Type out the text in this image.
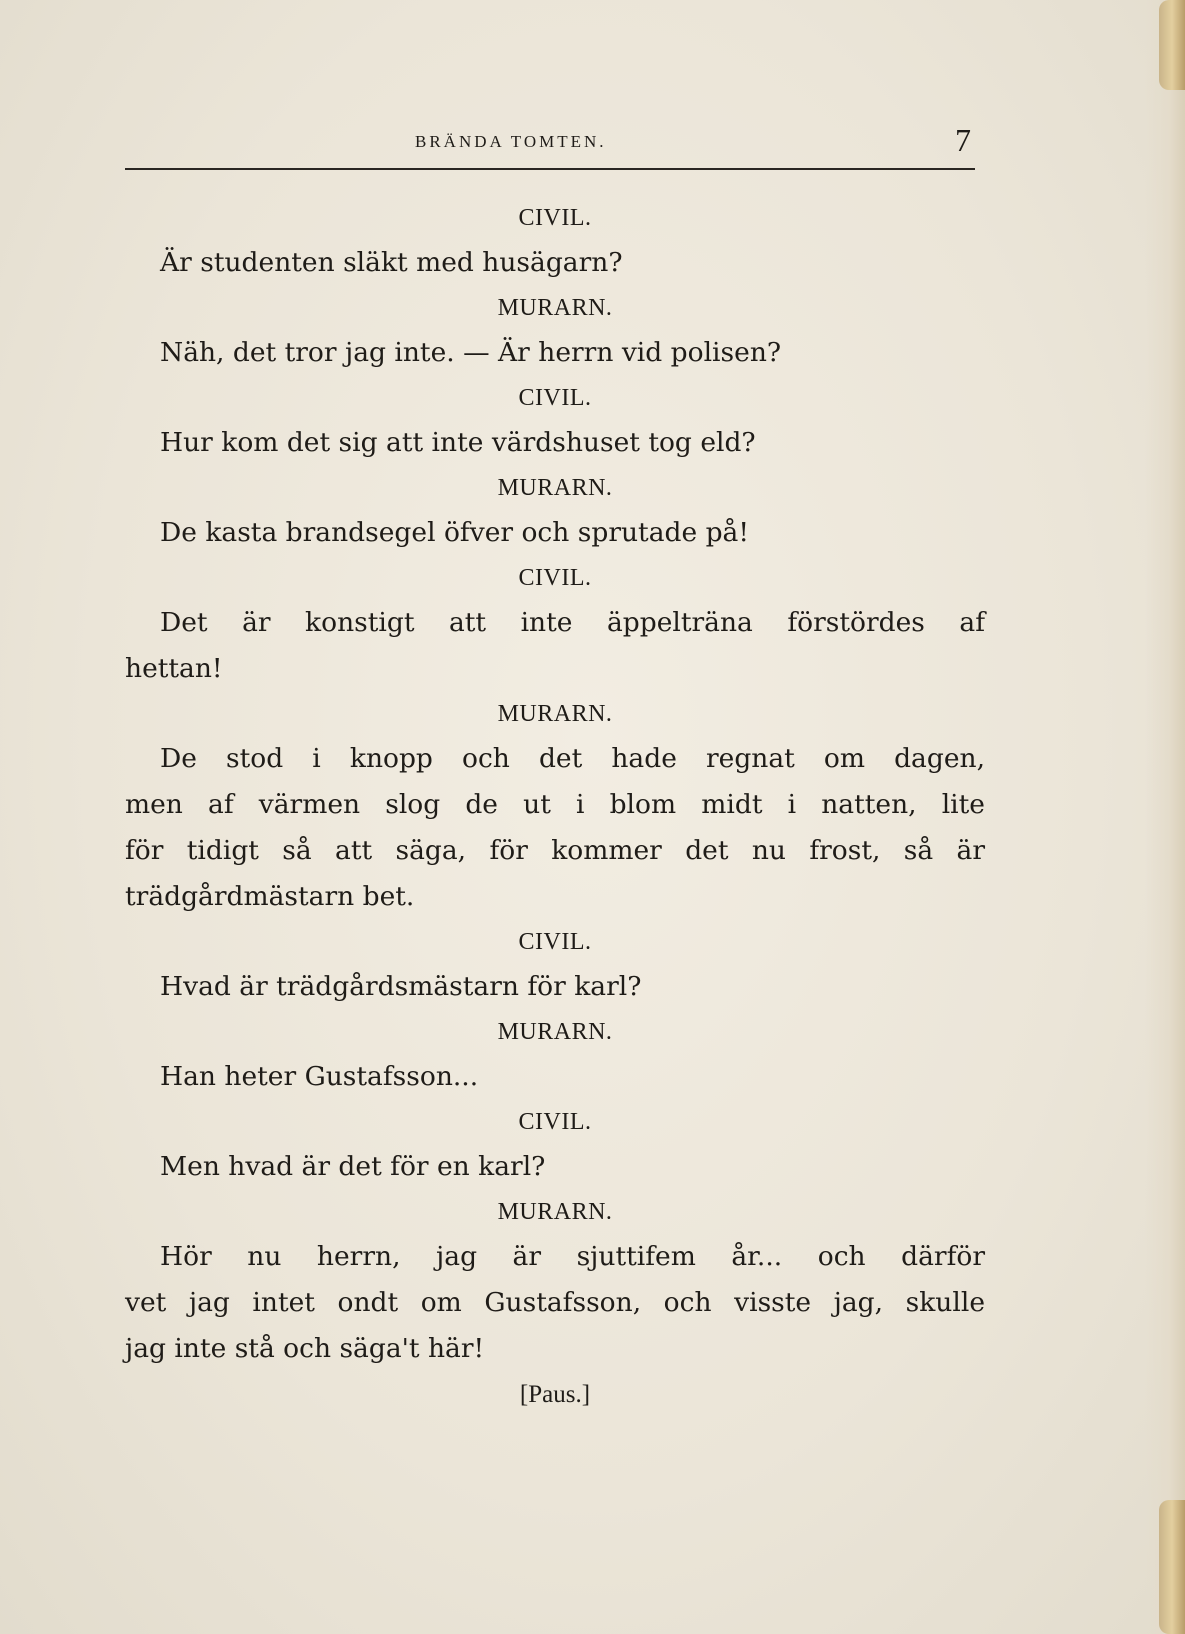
BRÄNDA TOMTEN.	7
CIVIL.
Är studenten släkt med husägarn?
MURARN.
Näh, det tror jag inte. — Är herrn vid polisen?
CIVIL.
Hur kom det sig att inte värdshuset tog eld?
MURARN.
De kasta brandsegel öfver och sprutade på!
CIVIL.
Det är konstigt att inte äppelträna förstördes af
hettan!
MURARN.
De stod i knopp och det hade regnat om dagen,
men af värmen slog de ut i blom midt i natten, lite
för tidigt så att säga, för kommer det nu frost, så är
trädgårdmästarn bet.
CIVIL.
Hvad är trädgårdsmästarn för karl?
MURARN.
Han heter Gustafsson...
CIVIL.
Men hvad är det för en karl?
MURARN.
Hör nu herrn, jag är sjuttifem år... och därför
vet jag intet ondt om Gustafsson, och visste jag, skulle
jag inte stå och säga't här!
[Paus.]
